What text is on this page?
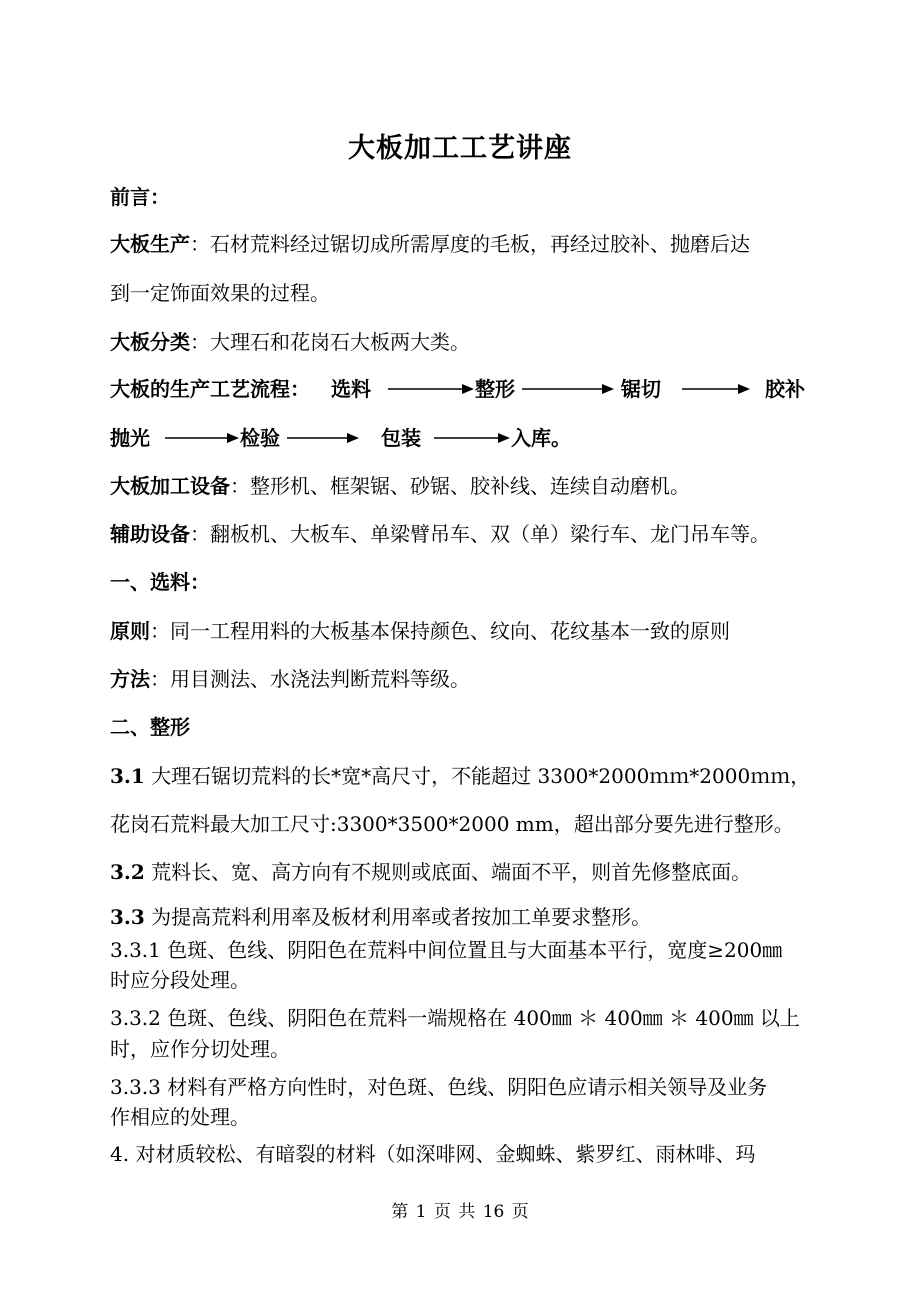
大板加工工艺讲座
前言：
大板生产：石材荒料经过锯切成所需厚度的毛板，再经过胶补、抛磨后达
到一定饰面效果的过程。
大板分类：大理石和花岗石大板两大类。
大板的生产工艺流程： 选料	整形	锯切	胶补
抛光	检验	包装	入库。
大板加工设备：整形机、框架锯、砂锯、胶补线、连续自动磨机。
辅助设备：翻板机、大板车、单梁臂吊车、双（单）梁行车、龙门吊车等。
一、选料：
原则：同一工程用料的大板基本保持颜色、纹向、花纹基本一致的原则
方法：用目测法、水浇法判断荒料等级。
二、整形
3.1 大理石锯切荒料的长*宽*高尺寸，不能超过 3300*2000ｍｍ*2000ｍｍ，
花岗石荒料最大加工尺寸:3300*3500*2000 mm，超出部分要先进行整形。
3.2 荒料长、宽、高方向有不规则或底面、端面不平，则首先修整底面。
3.3 为提高荒料利用率及板材利用率或者按加工单要求整形。
3.3.1 色斑、色线、阴阳色在荒料中间位置且与大面基本平行，宽度≥200㎜
时应分段处理。
3.3.2 色斑、色线、阴阳色在荒料一端规格在 400㎜ ＊ 400㎜ ＊ 400㎜ 以上
时，应作分切处理。
3.3.3 材料有严格方向性时，对色斑、色线、阴阳色应请示相关领导及业务
作相应的处理。
4. 对材质较松、有暗裂的材料（如深啡网、金蜘蛛、紫罗红、雨林啡、玛
第 1 页 共 16 页
